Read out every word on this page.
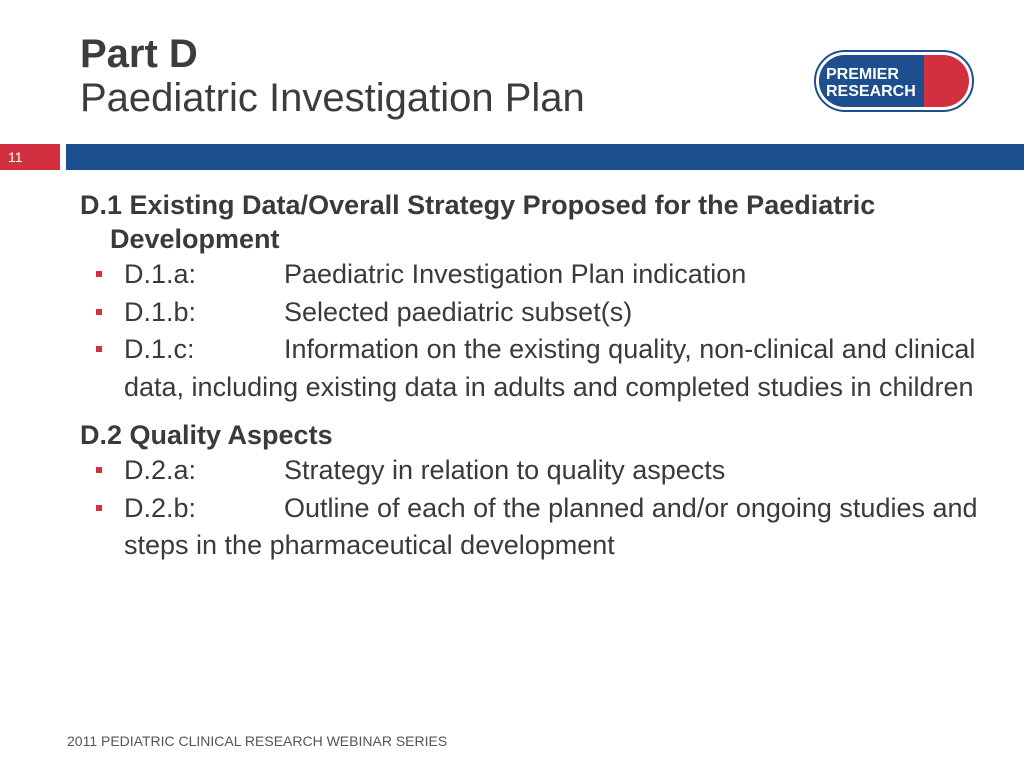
Part D
Paediatric Investigation Plan
PREMIER
RESEARCH
11
D.1 Existing Data/Overall Strategy Proposed for the Paediatric
Development
D.1.a:	Paediatric Investigation Plan indication
D.1.b:	Selected paediatric subset(s)
D.1.c:	Information on the existing quality, non-clinical and clinical data, including existing data in adults and completed studies in children
D.2 Quality Aspects
D.2.a:	Strategy in relation to quality aspects
D.2.b:	Outline of each of the planned and/or ongoing studies and steps in the pharmaceutical development
2011 PEDIATRIC CLINICAL RESEARCH WEBINAR SERIES
